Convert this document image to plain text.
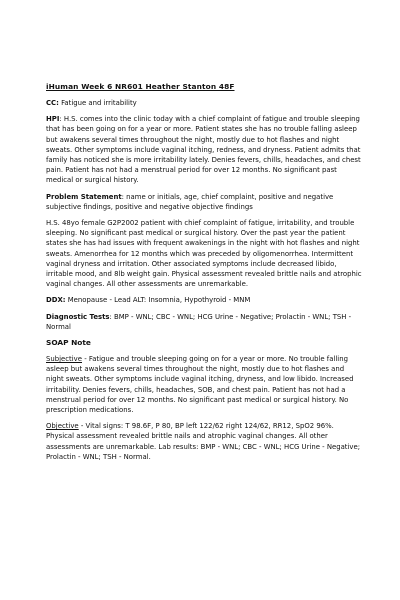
iHuman Week 6 NR601 Heather Stanton 48F

CC: Fatigue and irritability

HPI: H.S. comes into the clinic today with a chief complaint of fatigue and trouble sleeping that has been going on for a year or more. Patient states she has no trouble falling asleep but awakens several times throughout the night, mostly due to hot flashes and night sweats. Other symptoms include vaginal itching, redness, and dryness. Patient admits that family has noticed she is more irritability lately. Denies fevers, chills, headaches, and chest pain. Patient has not had a menstrual period for over 12 months. No significant past medical or surgical history.

Problem Statement: name or initials, age, chief complaint, positive and negative subjective findings, positive and negative objective findings

H.S. 48yo female G2P2002 patient with chief complaint of fatigue, irritability, and trouble sleeping. No significant past medical or surgical history. Over the past year the patient states she has had issues with frequent awakenings in the night with hot flashes and night sweats. Amenorrhea for 12 months which was preceded by oligomenorrhea. Intermittent vaginal dryness and irritation. Other associated symptoms include decreased libido, irritable mood, and 8lb weight gain. Physical assessment revealed brittle nails and atrophic vaginal changes. All other assessments are unremarkable.

DDX: Menopause - Lead ALT: Insomnia, Hypothyroid - MNM

Diagnostic Tests: BMP - WNL; CBC - WNL; HCG Urine - Negative; Prolactin - WNL; TSH - Normal

SOAP Note

Subjective - Fatigue and trouble sleeping going on for a year or more. No trouble falling asleep but awakens several times throughout the night, mostly due to hot flashes and night sweats. Other symptoms include vaginal itching, dryness, and low libido. Increased irritability. Denies fevers, chills, headaches, SOB, and chest pain. Patient has not had a menstrual period for over 12 months. No significant past medical or surgical history. No prescription medications.

Objective - Vital signs: T 98.6F, P 80, BP left 122/62 right 124/62, RR12, SpO2 96%. Physical assessment revealed brittle nails and atrophic vaginal changes. All other assessments are unremarkable. Lab results: BMP - WNL; CBC - WNL; HCG Urine - Negative; Prolactin - WNL; TSH - Normal.
